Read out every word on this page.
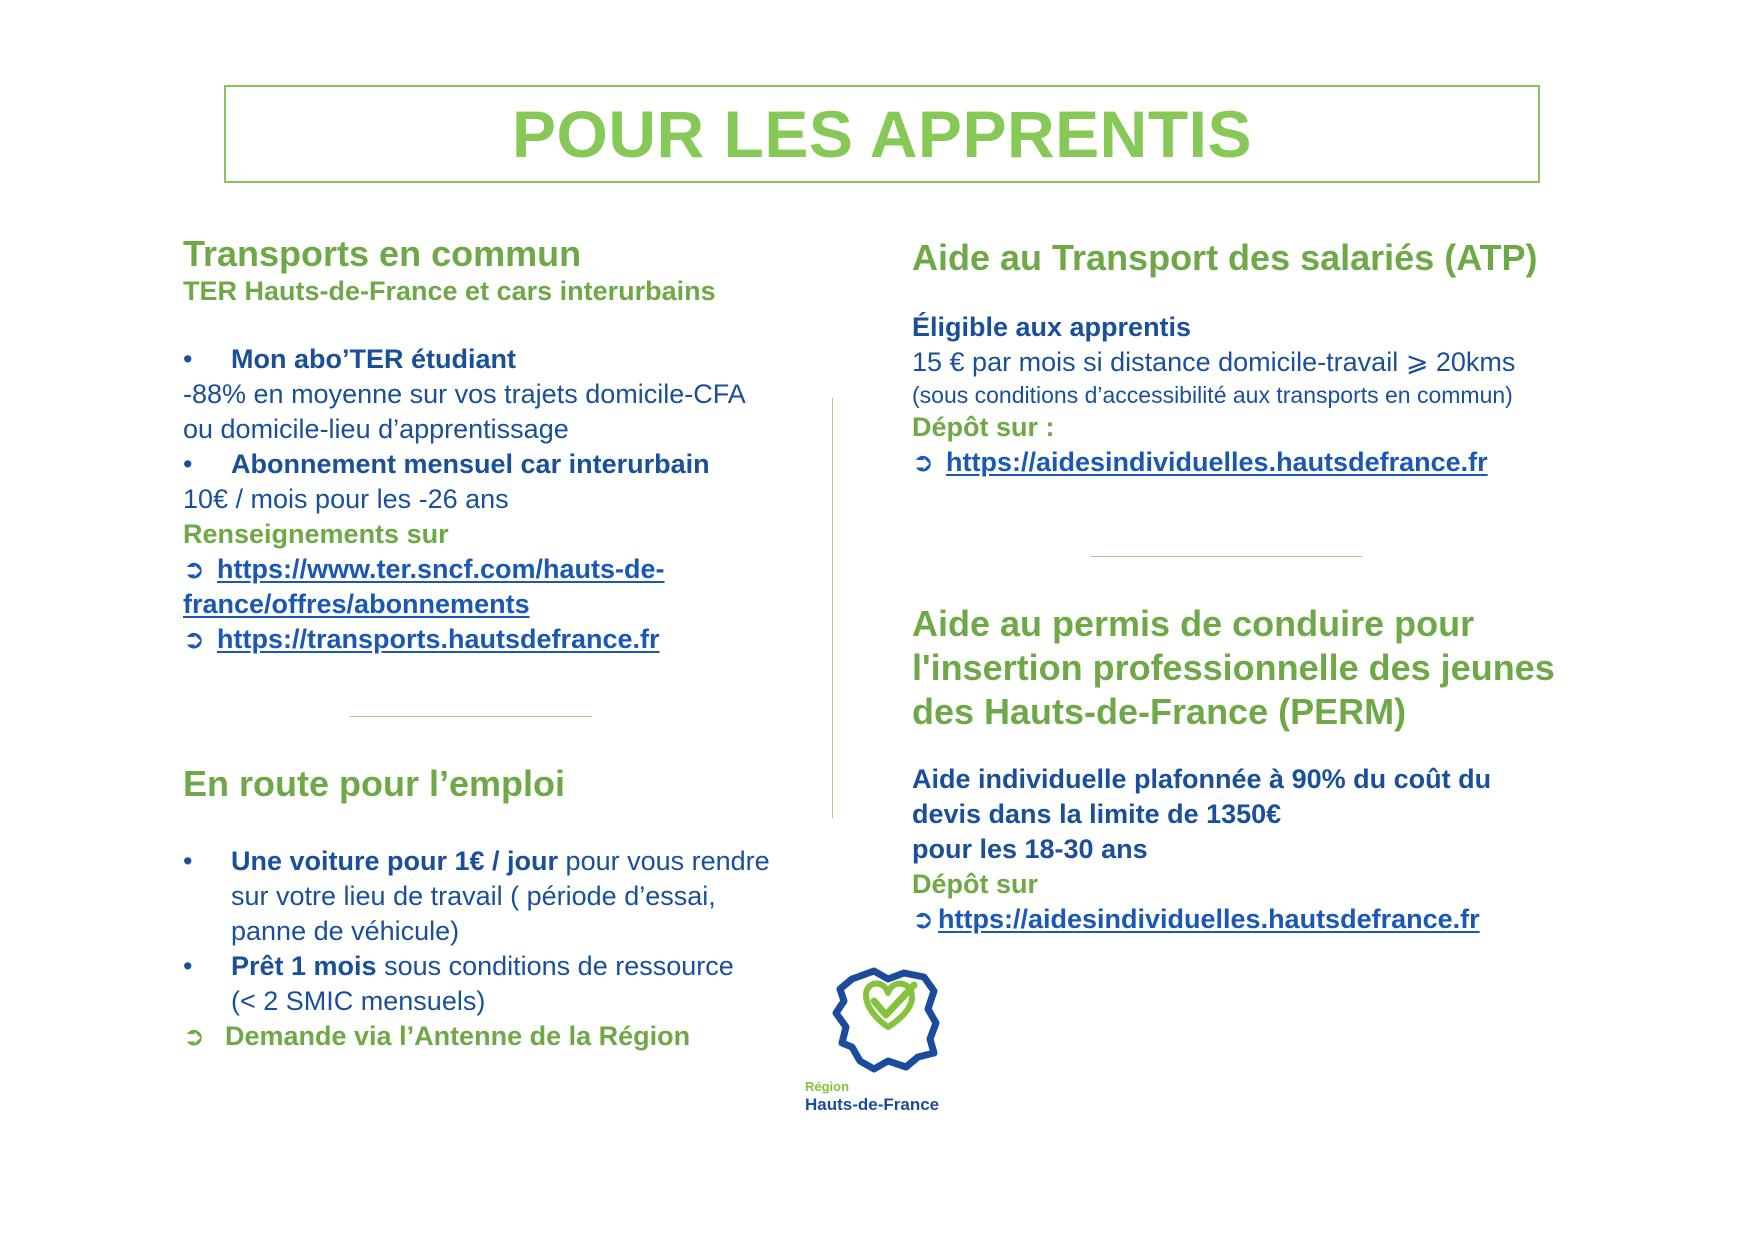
POUR LES APPRENTIS
Transports en commun
TER Hauts-de-France et cars interurbains
• Mon abo’TER étudiant
-88% en moyenne sur vos trajets domicile-CFA
ou domicile-lieu d’apprentissage
• Abonnement mensuel car interurbain
10€ / mois pour les -26 ans
Renseignements sur
➲ https://www.ter.sncf.com/hauts-de-
france/offres/abonnements
➲ https://transports.hautsdefrance.fr
En route pour l’emploi
• Une voiture pour 1€ / jour pour vous rendre
sur votre lieu de travail ( période d’essai,
panne de véhicule)
• Prêt 1 mois sous conditions de ressource
(< 2 SMIC mensuels)
➲ Demande via l’Antenne de la Région
Aide au Transport des salariés (ATP)
Éligible aux apprentis
15 € par mois si distance domicile-travail ⩾ 20kms
(sous conditions d’accessibilité aux transports en commun)
Dépôt sur :
➲ https://aidesindividuelles.hautsdefrance.fr
Aide au permis de conduire pour
l'insertion professionnelle des jeunes
des Hauts-de-France (PERM)
Aide individuelle plafonnée à 90% du coût du
devis dans la limite de 1350€
pour les 18-30 ans
Dépôt sur
➲ https://aidesindividuelles.hautsdefrance.fr
Région
Hauts-de-France
